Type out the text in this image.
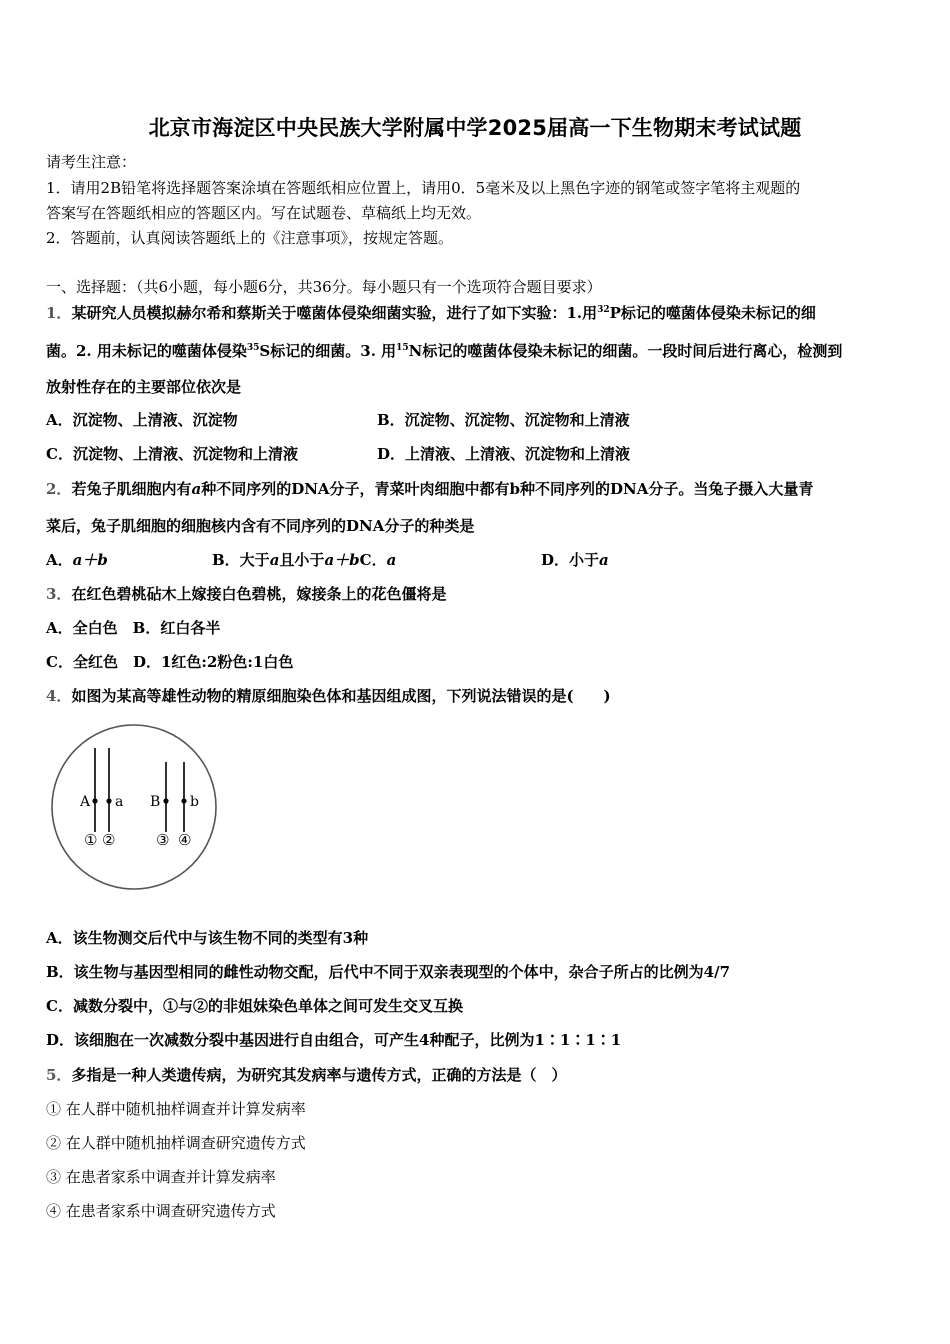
北京市海淀区中央民族大学附属中学2025届高一下生物期末考试试题
请考生注意：
1．请用2B铅笔将选择题答案涂填在答题纸相应位置上，请用0．5毫米及以上黑色字迹的钢笔或签字笔将主观题的
答案写在答题纸相应的答题区内。写在试题卷、草稿纸上均无效。
2．答题前，认真阅读答题纸上的《注意事项》，按规定答题。
一、选择题：（共6小题，每小题6分，共36分。每小题只有一个选项符合题目要求）
1．某研究人员模拟赫尔希和蔡斯关于噬菌体侵染细菌实验，进行了如下实验：1.用$^{32}$P标记的噬菌体侵染未标记的细
菌。2. 用未标记的噬菌体侵染$^{35}$S标记的细菌。3. 用$^{15}$N标记的噬菌体侵染未标记的细菌。一段时间后进行离心，检测到
放射性存在的主要部位依次是
A．沉淀物、上清液、沉淀物	B．沉淀物、沉淀物、沉淀物和上清液
C．沉淀物、上清液、沉淀物和上清液	D．上清液、上清液、沉淀物和上清液
2．若兔子肌细胞内有a种不同序列的DNA分子，青菜叶肉细胞中都有b种不同序列的DNA分子。当兔子摄入大量青
菜后，兔子肌细胞的细胞核内含有不同序列的DNA分子的种类是
A．a＋b	B．大于a且小于a＋bC．a	D．小于a
3．在红色碧桃砧木上嫁接白色碧桃，嫁接条上的花色僵将是
A．全白色　B．红白各半
C．全红色　D．1红色:2粉色:1白色
4．如图为某高等雄性动物的精原细胞染色体和基因组成图，下列说法错误的是(　　)
A a B b
① ②	③ ④
A．该生物测交后代中与该生物不同的类型有3种
B．该生物与基因型相同的雌性动物交配，后代中不同于双亲表现型的个体中，杂合子所占的比例为4/7
C．减数分裂中，①与②的非姐妹染色单体之间可发生交叉互换
D．该细胞在一次减数分裂中基因进行自由组合，可产生4种配子，比例为1∶1∶1∶1
5．多指是一种人类遗传病，为研究其发病率与遗传方式，正确的方法是（　）
① 在人群中随机抽样调查并计算发病率
② 在人群中随机抽样调查研究遗传方式
③ 在患者家系中调查并计算发病率
④ 在患者家系中调查研究遗传方式
